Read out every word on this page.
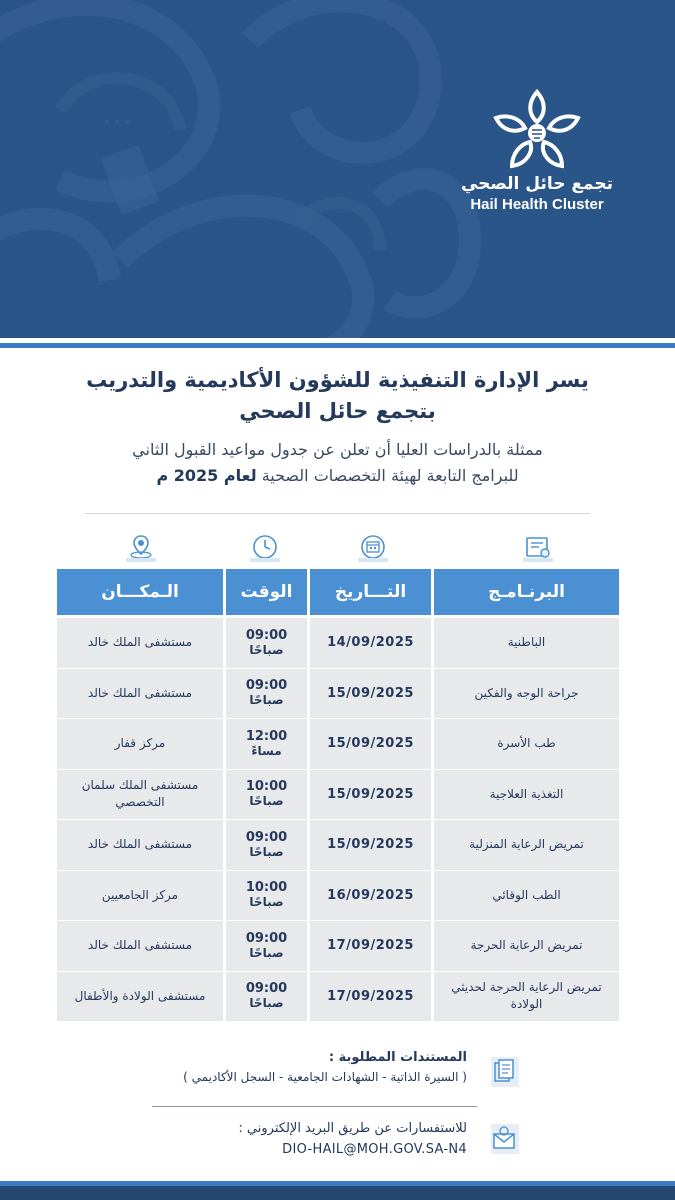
تجمع حائل الصحي
Hail Health Cluster
يسر الإدارة التنفيذية للشؤون الأكاديمية والتدريب
بتجمع حائل الصحي
ممثلة بالدراسات العليا أن تعلن عن جدول مواعيد القبول الثاني
للبرامج التابعة لهيئة التخصصات الصحية لعام 2025 م
البرنـامـج
التـــاريخ
الوقت
الـمكـــان
الباطنية
14/09/2025
09:00
صباحًا
مستشفى الملك خالد
جراحة الوجه والفكين
15/09/2025
09:00
صباحًا
مستشفى الملك خالد
طب الأسرة
15/09/2025
12:00
مساءً
مركز قفار
التغذية العلاجية
15/09/2025
10:00
صباحًا
مستشفى الملك سلمان التخصصي
تمريض الرعاية المنزلية
15/09/2025
09:00
صباحًا
مستشفى الملك خالد
الطب الوقائي
16/09/2025
10:00
صباحًا
مركز الجامعيين
تمريض الرعاية الحرجة
17/09/2025
09:00
صباحًا
مستشفى الملك خالد
تمريض الرعاية الحرجة لحديثي الولادة
17/09/2025
09:00
صباحًا
مستشفى الولادة والأطفال
المستندات المطلوبة :
( السيرة الذاتية - الشهادات الجامعية - السجل الأكاديمي )
للاستفسارات عن طريق البريد الإلكتروني :
DIO-HAIL@MOH.GOV.SA-N4
